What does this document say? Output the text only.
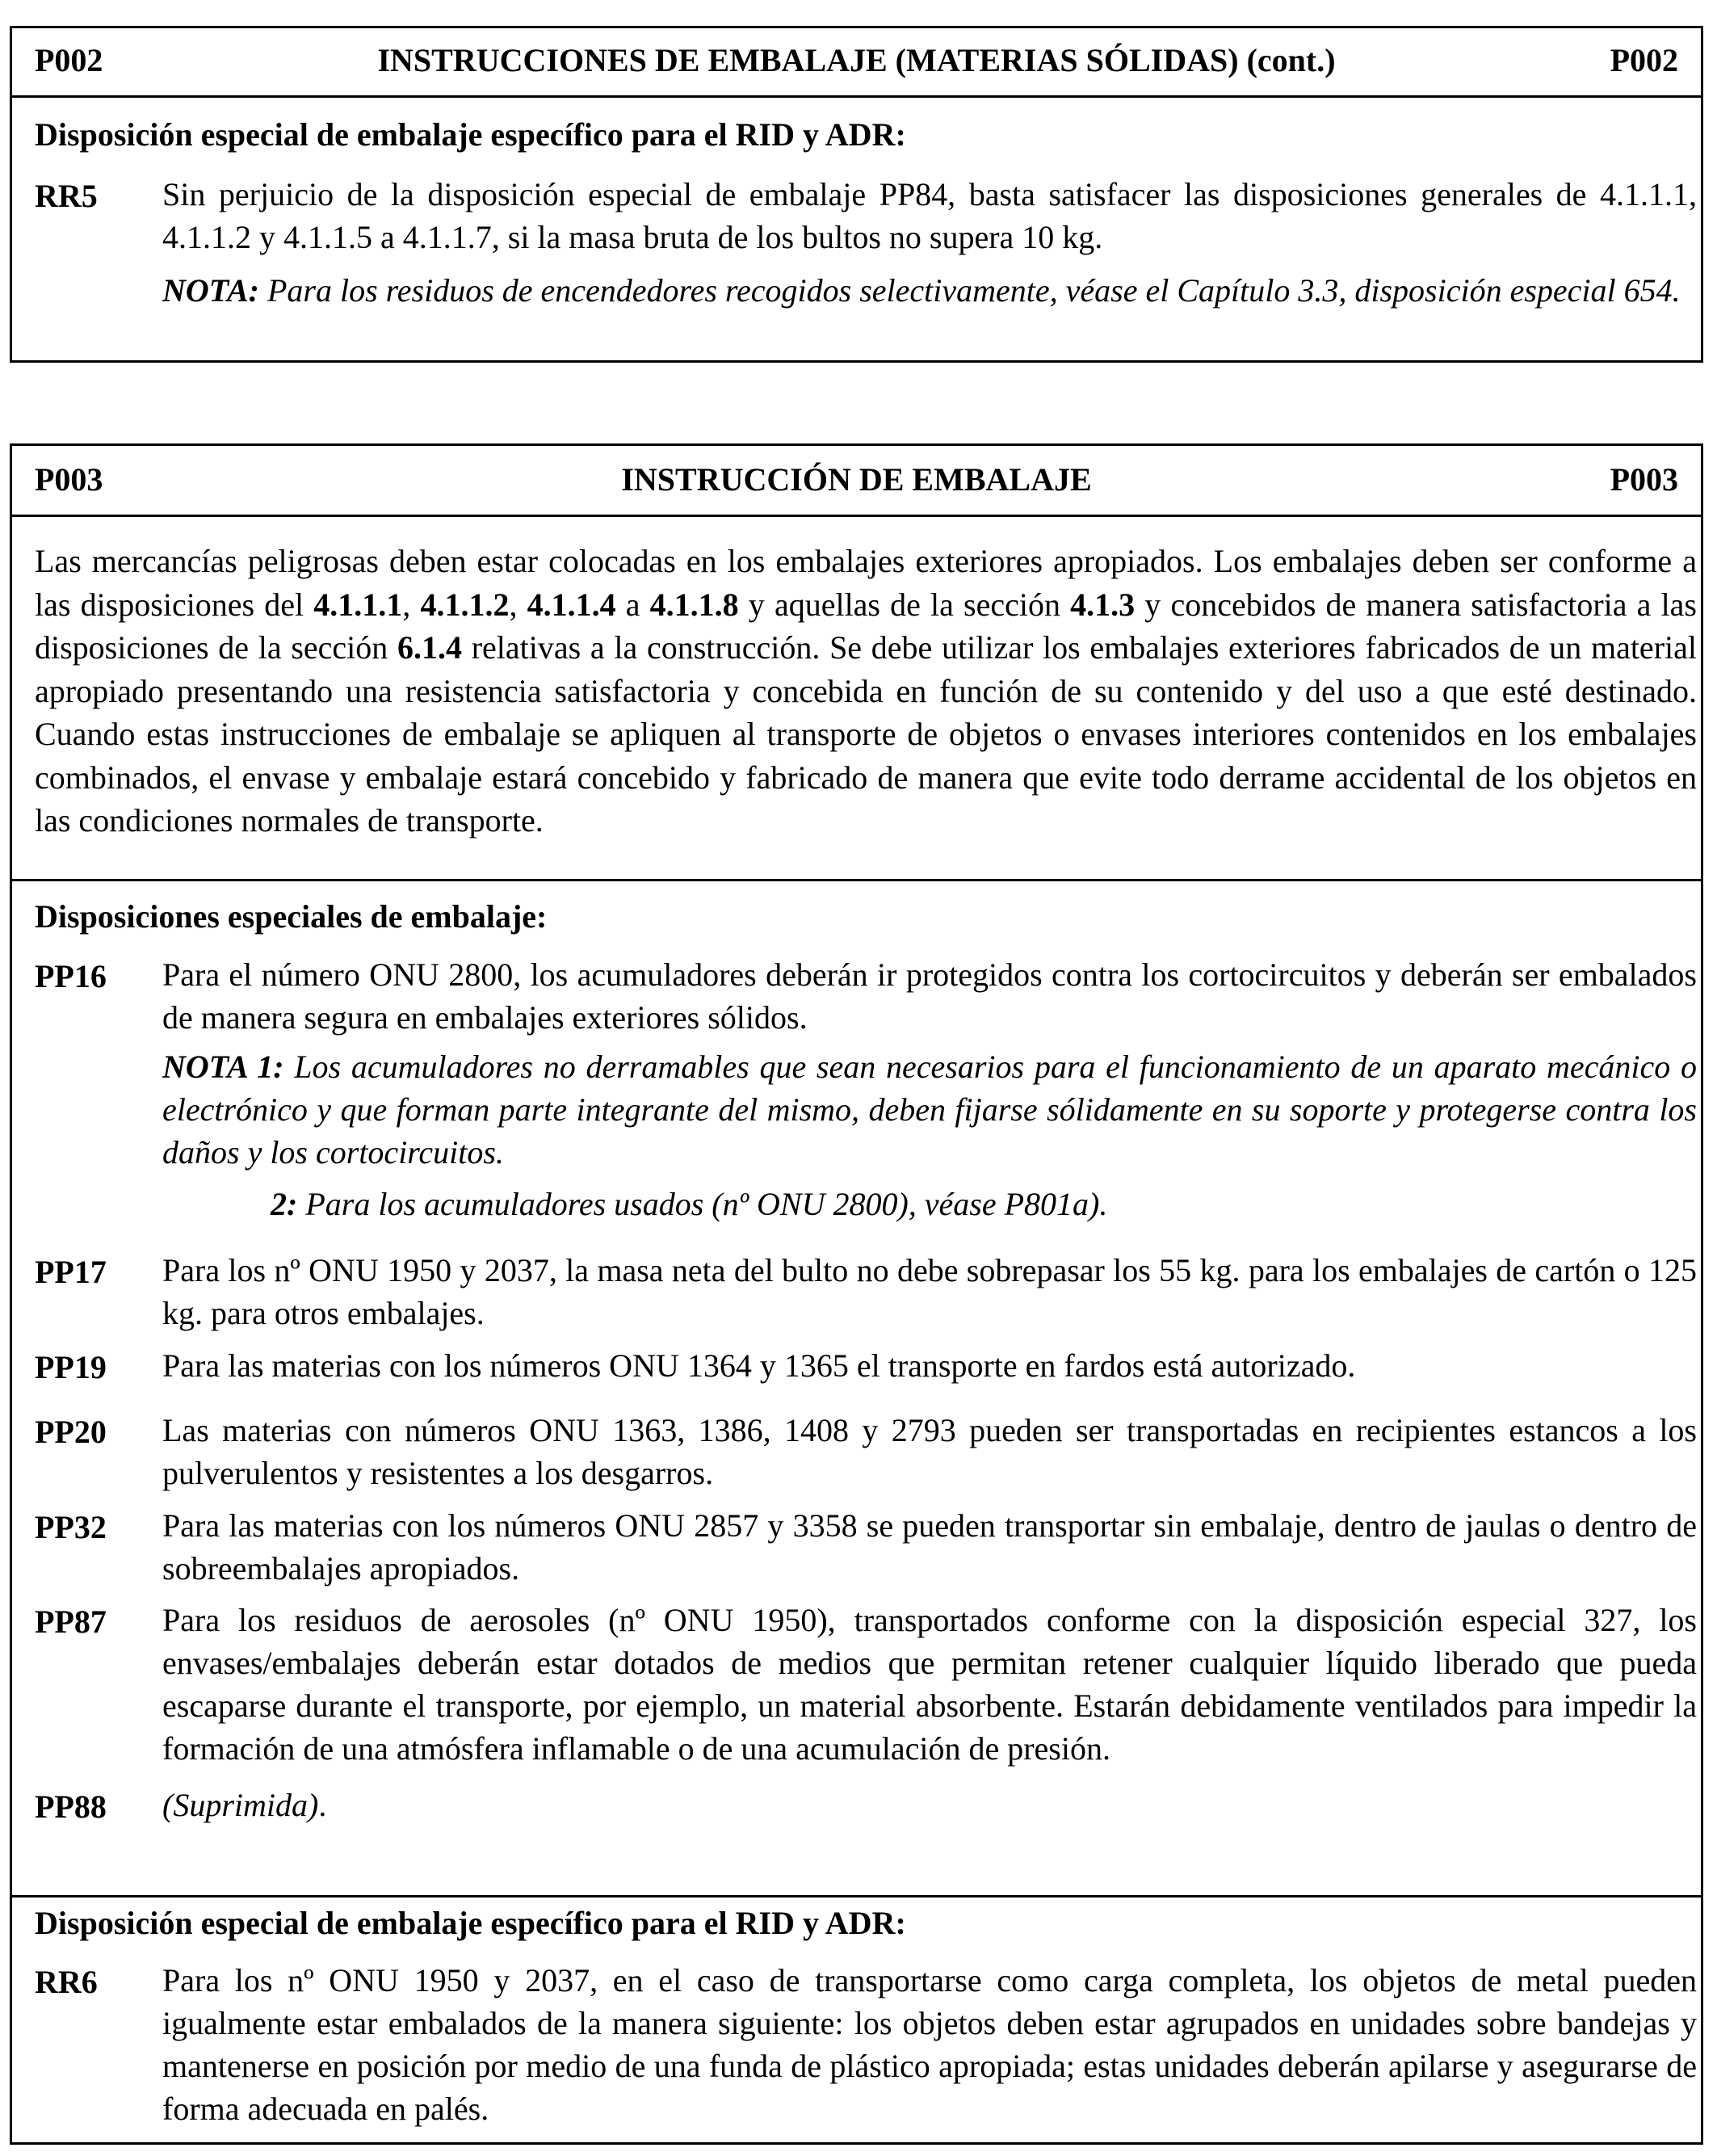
P002	INSTRUCCIONES DE EMBALAJE (MATERIAS SÓLIDAS) (cont.)	P002
Disposición especial de embalaje específico para el RID y ADR:
RR5 Sin perjuicio de la disposición especial de embalaje PP84, basta satisfacer las disposiciones generales de 4.1.1.1, 4.1.1.2 y 4.1.1.5 a 4.1.1.7, si la masa bruta de los bultos no supera 10 kg.
NOTA: Para los residuos de encendedores recogidos selectivamente, véase el Capítulo 3.3, disposición especial 654.
P003	INSTRUCCIÓN DE EMBALAJE	P003
Las mercancías peligrosas deben estar colocadas en los embalajes exteriores apropiados. Los embalajes deben ser conforme a las disposiciones del 4.1.1.1, 4.1.1.2, 4.1.1.4 a 4.1.1.8 y aquellas de la sección 4.1.3 y concebidos de manera satisfactoria a las disposiciones de la sección 6.1.4 relativas a la construcción. Se debe utilizar los embalajes exteriores fabricados de un material apropiado presentando una resistencia satisfactoria y concebida en función de su contenido y del uso a que esté destinado. Cuando estas instrucciones de embalaje se apliquen al transporte de objetos o envases interiores contenidos en los embalajes combinados, el envase y embalaje estará concebido y fabricado de manera que evite todo derrame accidental de los objetos en las condiciones normales de transporte.
Disposiciones especiales de embalaje:
PP16 Para el número ONU 2800, los acumuladores deberán ir protegidos contra los cortocircuitos y deberán ser embalados de manera segura en embalajes exteriores sólidos.
NOTA 1: Los acumuladores no derramables que sean necesarios para el funcionamiento de un aparato mecánico o electrónico y que forman parte integrante del mismo, deben fijarse sólidamente en su soporte y protegerse contra los daños y los cortocircuitos.
2: Para los acumuladores usados (nº ONU 2800), véase P801a).
PP17 Para los nº ONU 1950 y 2037, la masa neta del bulto no debe sobrepasar los 55 kg. para los embalajes de cartón o 125 kg. para otros embalajes.
PP19 Para las materias con los números ONU 1364 y 1365 el transporte en fardos está autorizado.
PP20 Las materias con números ONU 1363, 1386, 1408 y 2793 pueden ser transportadas en recipientes estancos a los pulverulentos y resistentes a los desgarros.
PP32 Para las materias con los números ONU 2857 y 3358 se pueden transportar sin embalaje, dentro de jaulas o dentro de sobreembalajes apropiados.
PP87 Para los residuos de aerosoles (nº ONU 1950), transportados conforme con la disposición especial 327, los envases/embalajes deberán estar dotados de medios que permitan retener cualquier líquido liberado que pueda escaparse durante el transporte, por ejemplo, un material absorbente. Estarán debidamente ventilados para impedir la formación de una atmósfera inflamable o de una acumulación de presión.
PP88 (Suprimida).
Disposición especial de embalaje específico para el RID y ADR:
RR6 Para los nº ONU 1950 y 2037, en el caso de transportarse como carga completa, los objetos de metal pueden igualmente estar embalados de la manera siguiente: los objetos deben estar agrupados en unidades sobre bandejas y mantenerse en posición por medio de una funda de plástico apropiada; estas unidades deberán apilarse y asegurarse de forma adecuada en palés.
